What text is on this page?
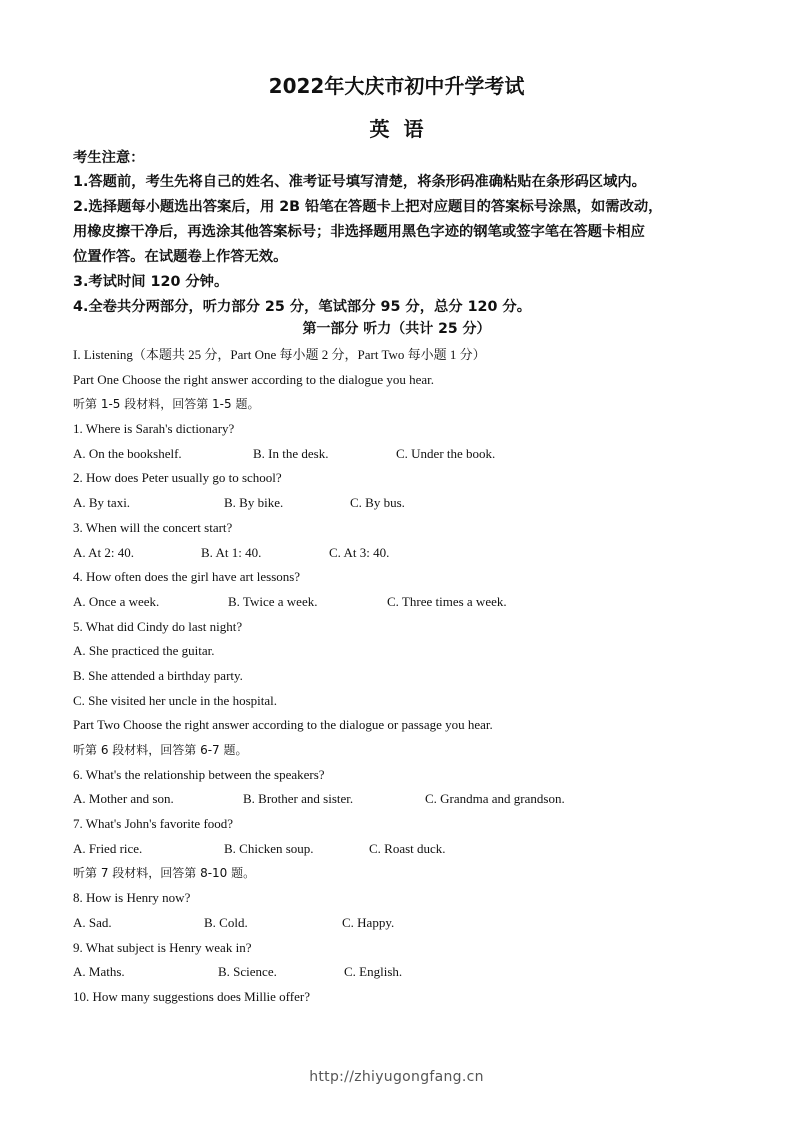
2022年大庆市初中升学考试
英语
考生注意：
1.答题前，考生先将自己的姓名、准考证号填写清楚，将条形码准确粘贴在条形码区域内。
2.选择题每小题选出答案后，用 2B 铅笔在答题卡上把对应题目的答案标号涂黑，如需改动，
用橡皮擦干净后，再选涂其他答案标号；非选择题用黑色字迹的钢笔或签字笔在答题卡相应
位置作答。在试题卷上作答无效。
3.考试时间 120 分钟。
4.全卷共分两部分，听力部分 25 分，笔试部分 95 分，总分 120 分。
第一部分 听力（共计 25 分）
I. Listening（本题共 25 分，Part One 每小题 2 分，Part Two 每小题 1 分）
Part One Choose the right answer according to the dialogue you hear.
听第 1-5 段材料，回答第 1-5 题。
1. Where is Sarah's dictionary?
A. On the bookshelf.	B. In the desk.	C. Under the book.
2. How does Peter usually go to school?
A. By taxi.	B. By bike.	C. By bus.
3. When will the concert start?
A. At 2: 40.	B. At 1: 40.	C. At 3: 40.
4. How often does the girl have art lessons?
A. Once a week.	B. Twice a week.	C. Three times a week.
5. What did Cindy do last night?
A. She practiced the guitar.
B. She attended a birthday party.
C. She visited her uncle in the hospital.
Part Two Choose the right answer according to the dialogue or passage you hear.
听第 6 段材料，回答第 6-7 题。
6. What's the relationship between the speakers?
A. Mother and son.	B. Brother and sister.	C. Grandma and grandson.
7. What's John's favorite food?
A. Fried rice.	B. Chicken soup.	C. Roast duck.
听第 7 段材料，回答第 8-10 题。
8. How is Henry now?
A. Sad.	B. Cold.	C. Happy.
9. What subject is Henry weak in?
A. Maths.	B. Science.	C. English.
10. How many suggestions does Millie offer?
http://zhiyugongfang.cn
